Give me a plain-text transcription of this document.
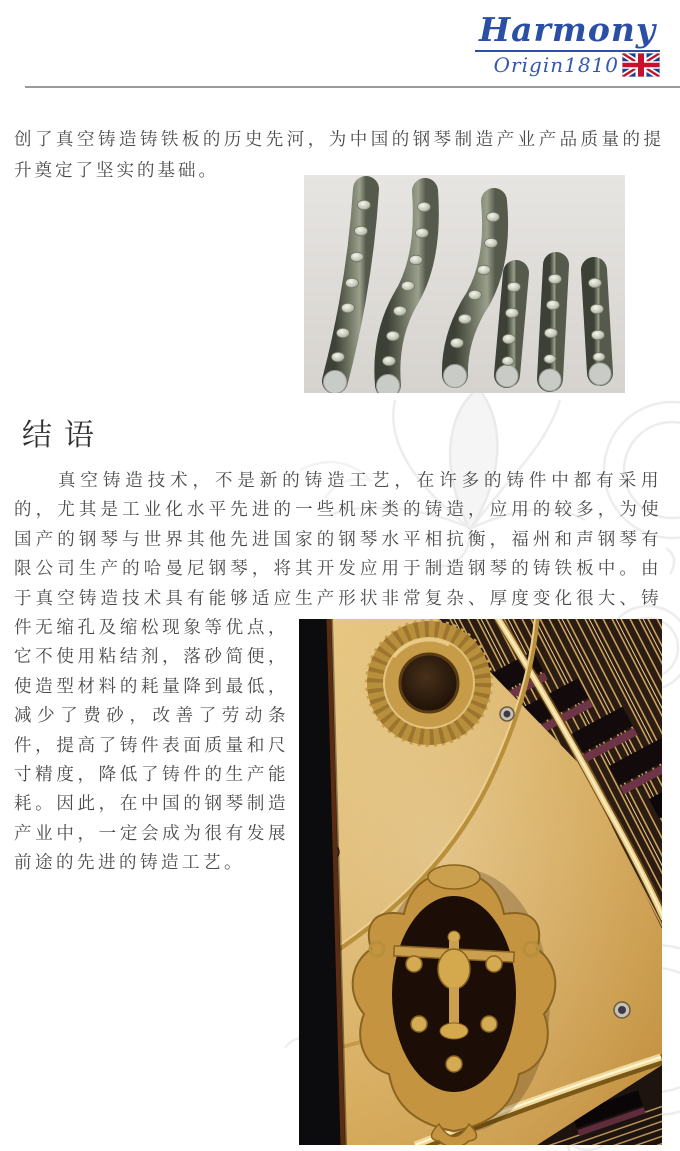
Harmony
Origin1810

创了真空铸造铸铁板的历史先河，为中国的钢琴制造产业产品质量的提升奠定了坚实的基础。

结语

真空铸造技术，不是新的铸造工艺，在许多的铸件中都有采用的，尤其是工业化水平先进的一些机床类的铸造，应用的较多，为使国产的钢琴与世界其他先进国家的钢琴水平相抗衡，福州和声钢琴有限公司生产的哈曼尼钢琴，将其开发应用于制造钢琴的铸铁板中。由于真空铸造技术具有能够适应生产形状非常复杂、厚度变化
很大、铸件无缩孔及缩松现象等优点，它不使用粘结剂，落砂简便，使造型材料的耗量降到最低，减少了费砂，改善了劳动条件，提高了铸件表面质量和尺寸精度，降低了铸件的生产能耗。因此，在中国的钢琴制造产业中，一定会成为很有发展前途的先进的铸造工艺。
